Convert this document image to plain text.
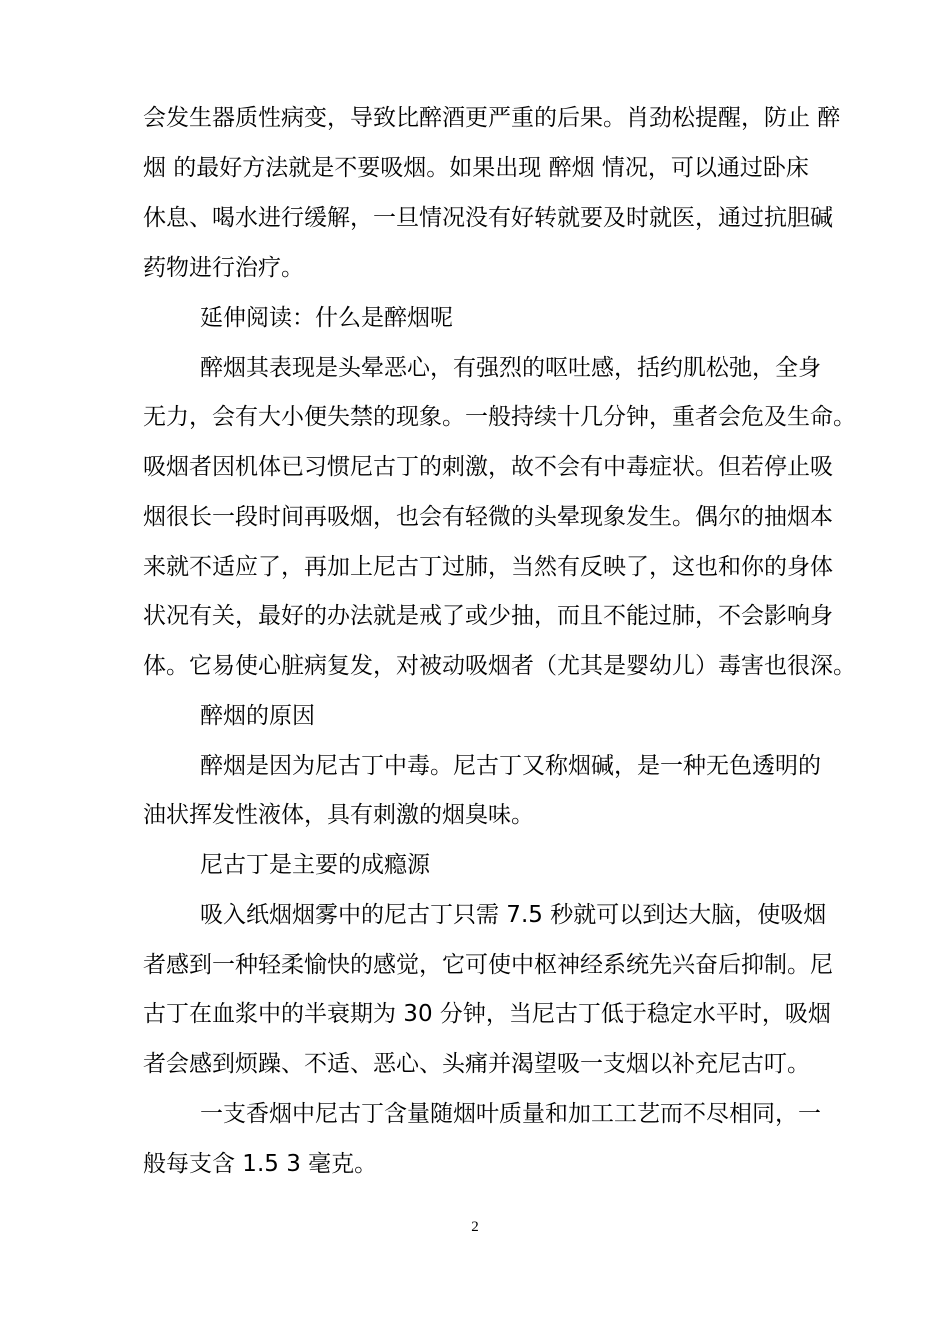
会发生器质性病变，导致比醉酒更严重的后果。肖劲松提醒，防止 醉
烟 的最好方法就是不要吸烟。如果出现 醉烟 情况，可以通过卧床
休息、喝水进行缓解，一旦情况没有好转就要及时就医，通过抗胆碱
药物进行治疗。
延伸阅读：什么是醉烟呢
醉烟其表现是头晕恶心，有强烈的呕吐感，括约肌松弛，全身
无力，会有大小便失禁的现象。一般持续十几分钟，重者会危及生命。
吸烟者因机体已习惯尼古丁的刺激，故不会有中毒症状。但若停止吸
烟很长一段时间再吸烟，也会有轻微的头晕现象发生。偶尔的抽烟本
来就不适应了，再加上尼古丁过肺，当然有反映了，这也和你的身体
状况有关，最好的办法就是戒了或少抽，而且不能过肺，不会影响身
体。它易使心脏病复发，对被动吸烟者（尤其是婴幼儿）毒害也很深。
醉烟的原因
醉烟是因为尼古丁中毒。尼古丁又称烟碱，是一种无色透明的
油状挥发性液体，具有刺激的烟臭味。
尼古丁是主要的成瘾源
吸入纸烟烟雾中的尼古丁只需 7.5 秒就可以到达大脑，使吸烟
者感到一种轻柔愉快的感觉，它可使中枢神经系统先兴奋后抑制。尼
古丁在血浆中的半衰期为 30 分钟，当尼古丁低于稳定水平时，吸烟
者会感到烦躁、不适、恶心、头痛并渴望吸一支烟以补充尼古叮。
一支香烟中尼古丁含量随烟叶质量和加工工艺而不尽相同，一
般每支含 1.5 3 毫克。
2
